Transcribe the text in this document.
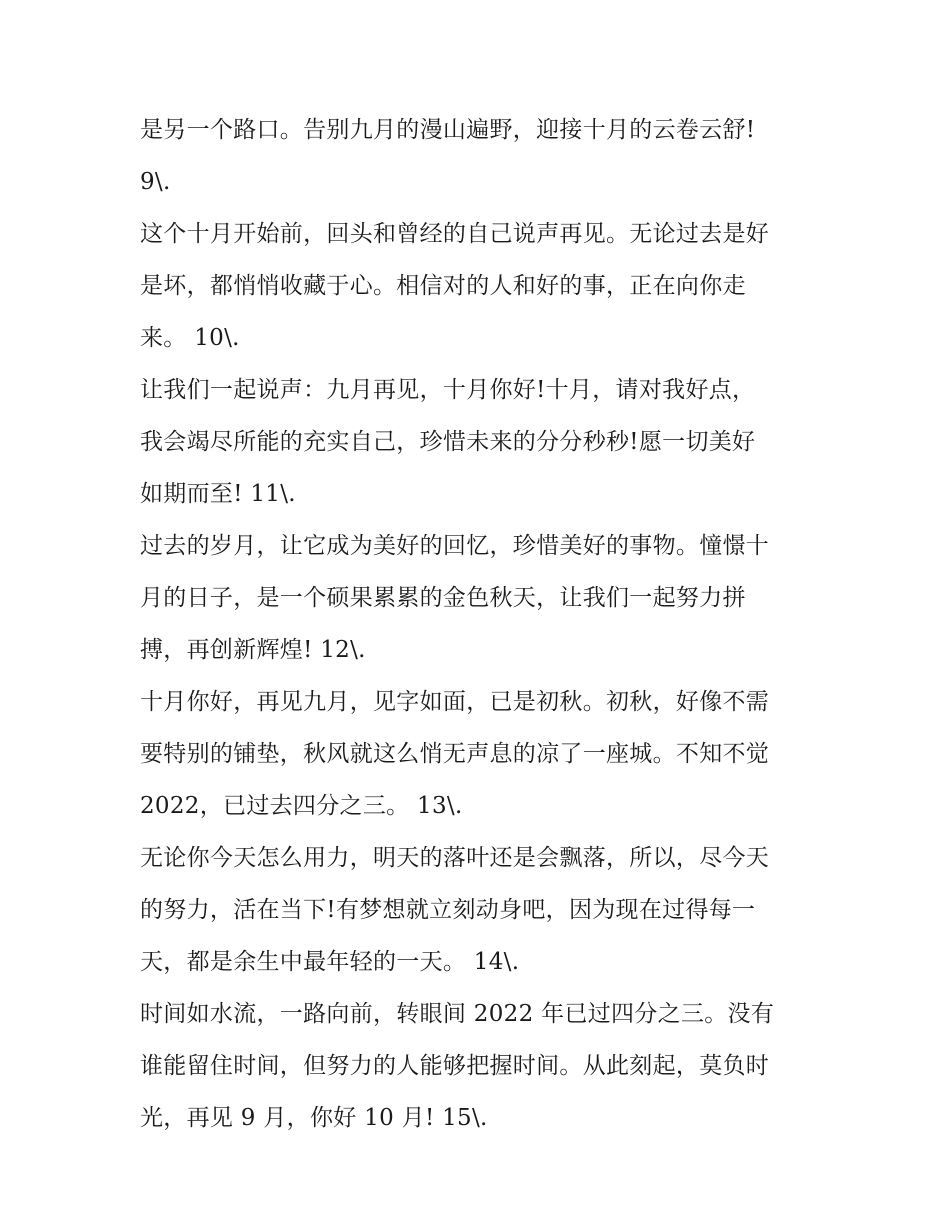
是另一个路口。告别九月的漫山遍野，迎接十月的云卷云舒!
9\.
这个十月开始前，回头和曾经的自己说声再见。无论过去是好
是坏，都悄悄收藏于心。相信对的人和好的事，正在向你走
来。 10\.
让我们一起说声：九月再见，十月你好!十月，请对我好点，
我会竭尽所能的充实自己，珍惜未来的分分秒秒!愿一切美好
如期而至! 11\.
过去的岁月，让它成为美好的回忆，珍惜美好的事物。憧憬十
月的日子，是一个硕果累累的金色秋天，让我们一起努力拼
搏，再创新辉煌! 12\.
十月你好，再见九月，见字如面，已是初秋。初秋，好像不需
要特别的铺垫，秋风就这么悄无声息的凉了一座城。不知不觉
2022，已过去四分之三。 13\.
无论你今天怎么用力，明天的落叶还是会飘落，所以，尽今天
的努力，活在当下!有梦想就立刻动身吧，因为现在过得每一
天，都是余生中最年轻的一天。 14\.
时间如水流，一路向前，转眼间 2022 年已过四分之三。没有
谁能留住时间，但努力的人能够把握时间。从此刻起，莫负时
光，再见 9 月，你好 10 月! 15\.
